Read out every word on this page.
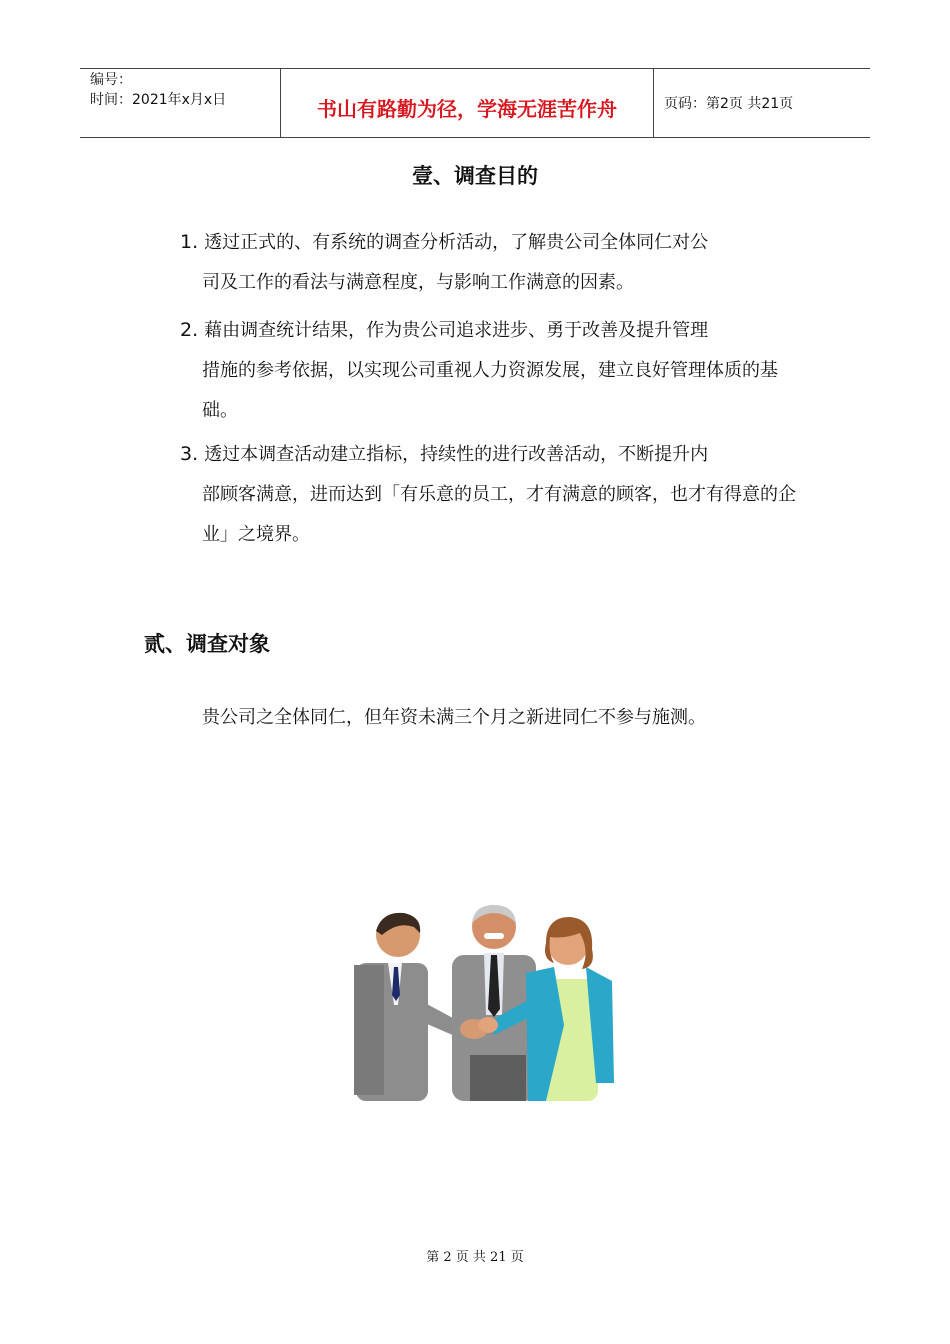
编号：
时间：2021年x月x日	书山有路勤为径，学海无涯苦作舟	页码：第2页 共21页
壹、调查目的
1. 透过正式的、有系统的调查分析活动，了解贵公司全体同仁对公
司及工作的看法与满意程度，与影响工作满意的因素。
2. 藉由调查统计结果，作为贵公司追求进步、勇于改善及提升管理
措施的参考依据，以实现公司重视人力资源发展，建立良好管理体质的基础。
3. 透过本调查活动建立指标，持续性的进行改善活动，不断提升内
部顾客满意，进而达到「有乐意的员工，才有满意的顾客，也才有得意的企业」之境界。
贰、调查对象
贵公司之全体同仁，但年资未满三个月之新进同仁不参与施测。
第 2 页 共 21 页
